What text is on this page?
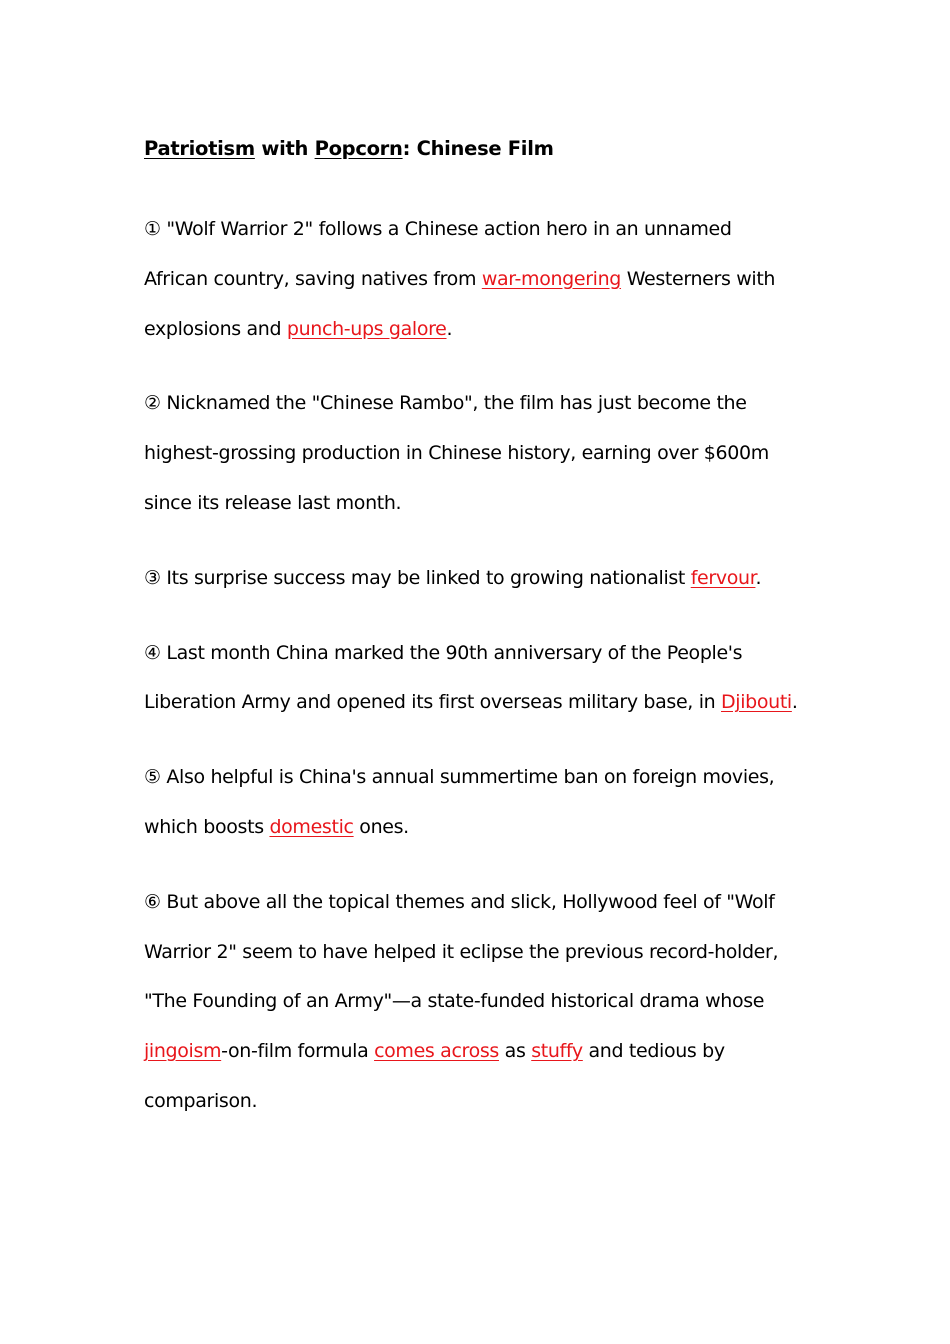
Patriotism with Popcorn: Chinese Film

① "Wolf Warrior 2" follows a Chinese action hero in an unnamed
African country, saving natives from war-mongering Westerners with
explosions and punch-ups galore.

② Nicknamed the "Chinese Rambo", the film has just become the
highest-grossing production in Chinese history, earning over $600m
since its release last month.

③ Its surprise success may be linked to growing nationalist fervour.

④ Last month China marked the 90th anniversary of the People's
Liberation Army and opened its first overseas military base, in Djibouti.

⑤ Also helpful is China's annual summertime ban on foreign movies,
which boosts domestic ones.

⑥ But above all the topical themes and slick, Hollywood feel of "Wolf
Warrior 2" seem to have helped it eclipse the previous record-holder,
"The Founding of an Army"—a state-funded historical drama whose
jingoism-on-film formula comes across as stuffy and tedious by
comparison.
